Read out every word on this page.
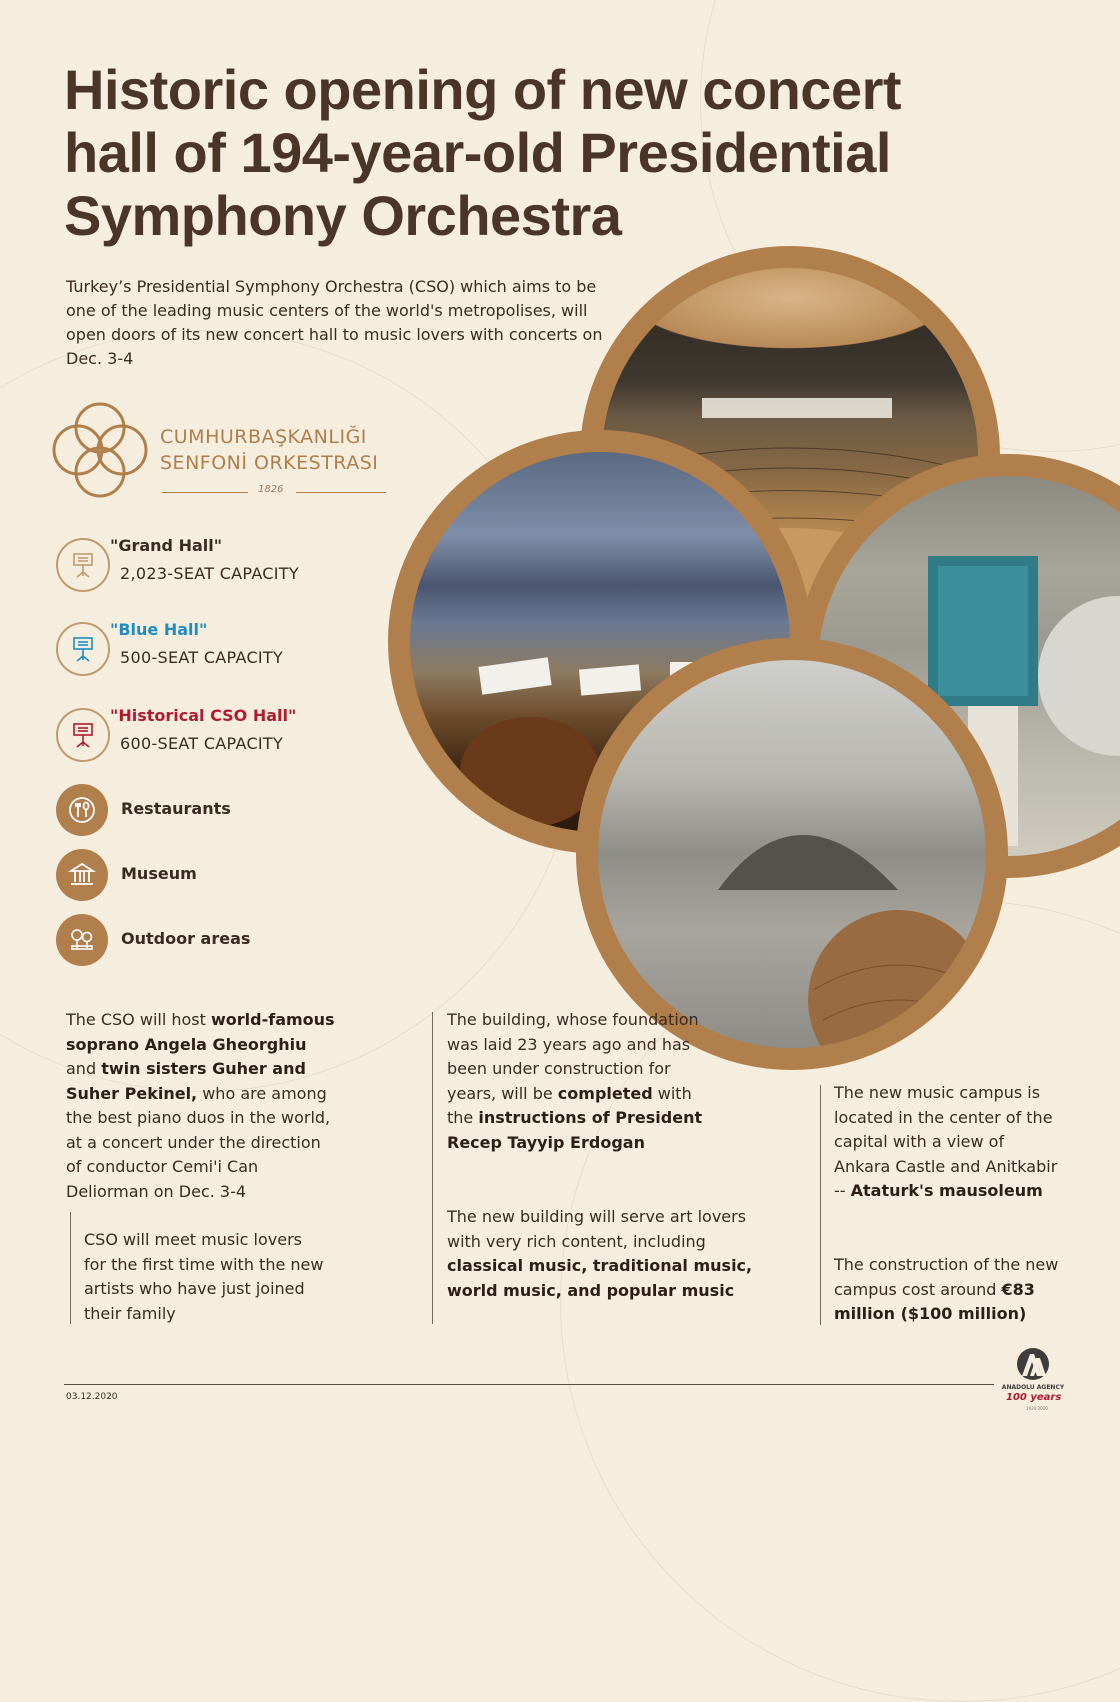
Historic opening of new concert hall of 194-year-old Presidential Symphony Orchestra
Turkey’s Presidential Symphony Orchestra (CSO) which aims to be one of the leading music centers of the world's metropolises, will open doors of its new concert hall to music lovers with concerts on Dec. 3-4
CUMHURBAŞKANLIĞI
SENFONİ ORKESTRASI
1826
"Grand Hall"
2,023-SEAT CAPACITY
"Blue Hall"
500-SEAT CAPACITY
"Historical CSO Hall"
600-SEAT CAPACITY
Restaurants
Museum
Outdoor areas
The CSO will host world-famous soprano Angela Gheorghiu and twin sisters Guher and Suher Pekinel, who are among the best piano duos in the world, at a concert under the direction of conductor Cemi'i Can Deliorman on Dec. 3-4
CSO will meet music lovers for the first time with the new artists who have just joined their family
The building, whose foundation was laid 23 years ago and has been under construction for years, will be completed with the instructions of President Recep Tayyip Erdogan
The new building will serve art lovers with very rich content, including classical music, traditional music, world music, and popular music
The new music campus is located in the center of the capital with a view of Ankara Castle and Anitkabir -- Ataturk's mausoleum
The construction of the new campus cost around €83 million ($100 million)
03.12.2020
ANADOLU AGENCY
100 years
1920-2020
